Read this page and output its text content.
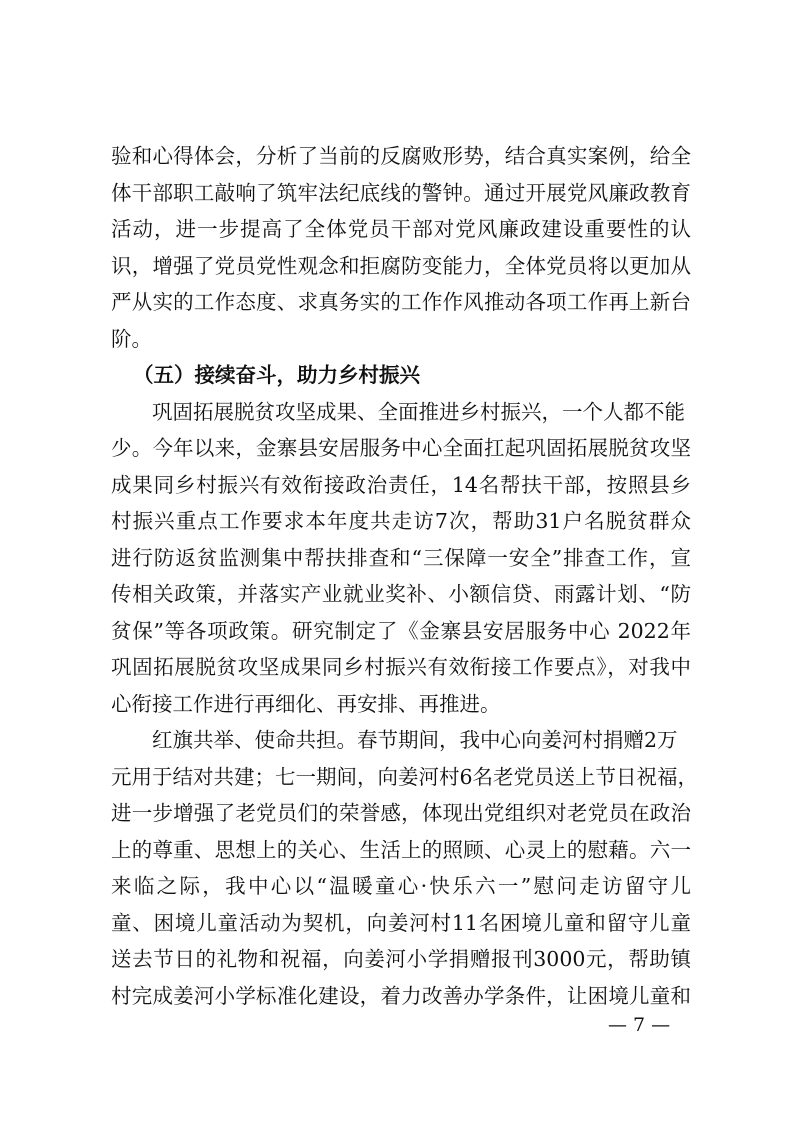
验和心得体会，分析了当前的反腐败形势，结合真实案例，给全
体干部职工敲响了筑牢法纪底线的警钟。通过开展党风廉政教育
活动，进一步提高了全体党员干部对党风廉政建设重要性的认
识，增强了党员党性观念和拒腐防变能力，全体党员将以更加从
严从实的工作态度、求真务实的工作作风推动各项工作再上新台
阶。
（五）接续奋斗，助力乡村振兴
巩固拓展脱贫攻坚成果、全面推进乡村振兴，一个人都不能
少。今年以来，金寨县安居服务中心全面扛起巩固拓展脱贫攻坚
成果同乡村振兴有效衔接政治责任，14名帮扶干部，按照县乡
村振兴重点工作要求本年度共走访7次，帮助31户名脱贫群众
进行防返贫监测集中帮扶排查和“三保障一安全”排查工作，宣
传相关政策，并落实产业就业奖补、小额信贷、雨露计划、“防
贫保”等各项政策。研究制定了《金寨县安居服务中心 2022年
巩固拓展脱贫攻坚成果同乡村振兴有效衔接工作要点》，对我中
心衔接工作进行再细化、再安排、再推进。
红旗共举、使命共担。春节期间，我中心向姜河村捐赠2万
元用于结对共建；七一期间，向姜河村6名老党员送上节日祝福，
进一步增强了老党员们的荣誉感，体现出党组织对老党员在政治
上的尊重、思想上的关心、生活上的照顾、心灵上的慰藉。六一
来临之际，我中心以“温暖童心·快乐六一”慰问走访留守儿
童、困境儿童活动为契机，向姜河村11名困境儿童和留守儿童
送去节日的礼物和祝福，向姜河小学捐赠报刊3000元，帮助镇
村完成姜河小学标准化建设，着力改善办学条件，让困境儿童和
— 7 —
